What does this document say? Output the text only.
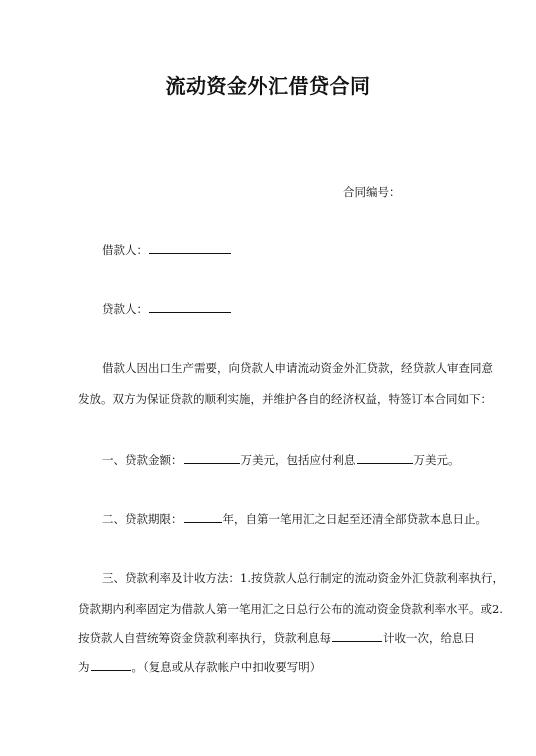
流动资金外汇借贷合同
合同编号：
借款人：
贷款人：
借款人因出口生产需要，向贷款人申请流动资金外汇贷款，经贷款人审查同意
发放。双方为保证贷款的顺利实施，并维护各自的经济权益，特签订本合同如下：
一、贷款金额：	万美元，包括应付利息	万美元。
二、贷款期限：	年，自第一笔用汇之日起至还清全部贷款本息日止。
三、贷款利率及计收方法：1.按贷款人总行制定的流动资金外汇贷款利率执行，
贷款期内利率固定为借款人第一笔用汇之日总行公布的流动资金贷款利率水平。或2.
按贷款人自营统筹资金贷款利率执行，贷款利息每	计收一次，给息日
为	。（复息或从存款帐户中扣收要写明）
